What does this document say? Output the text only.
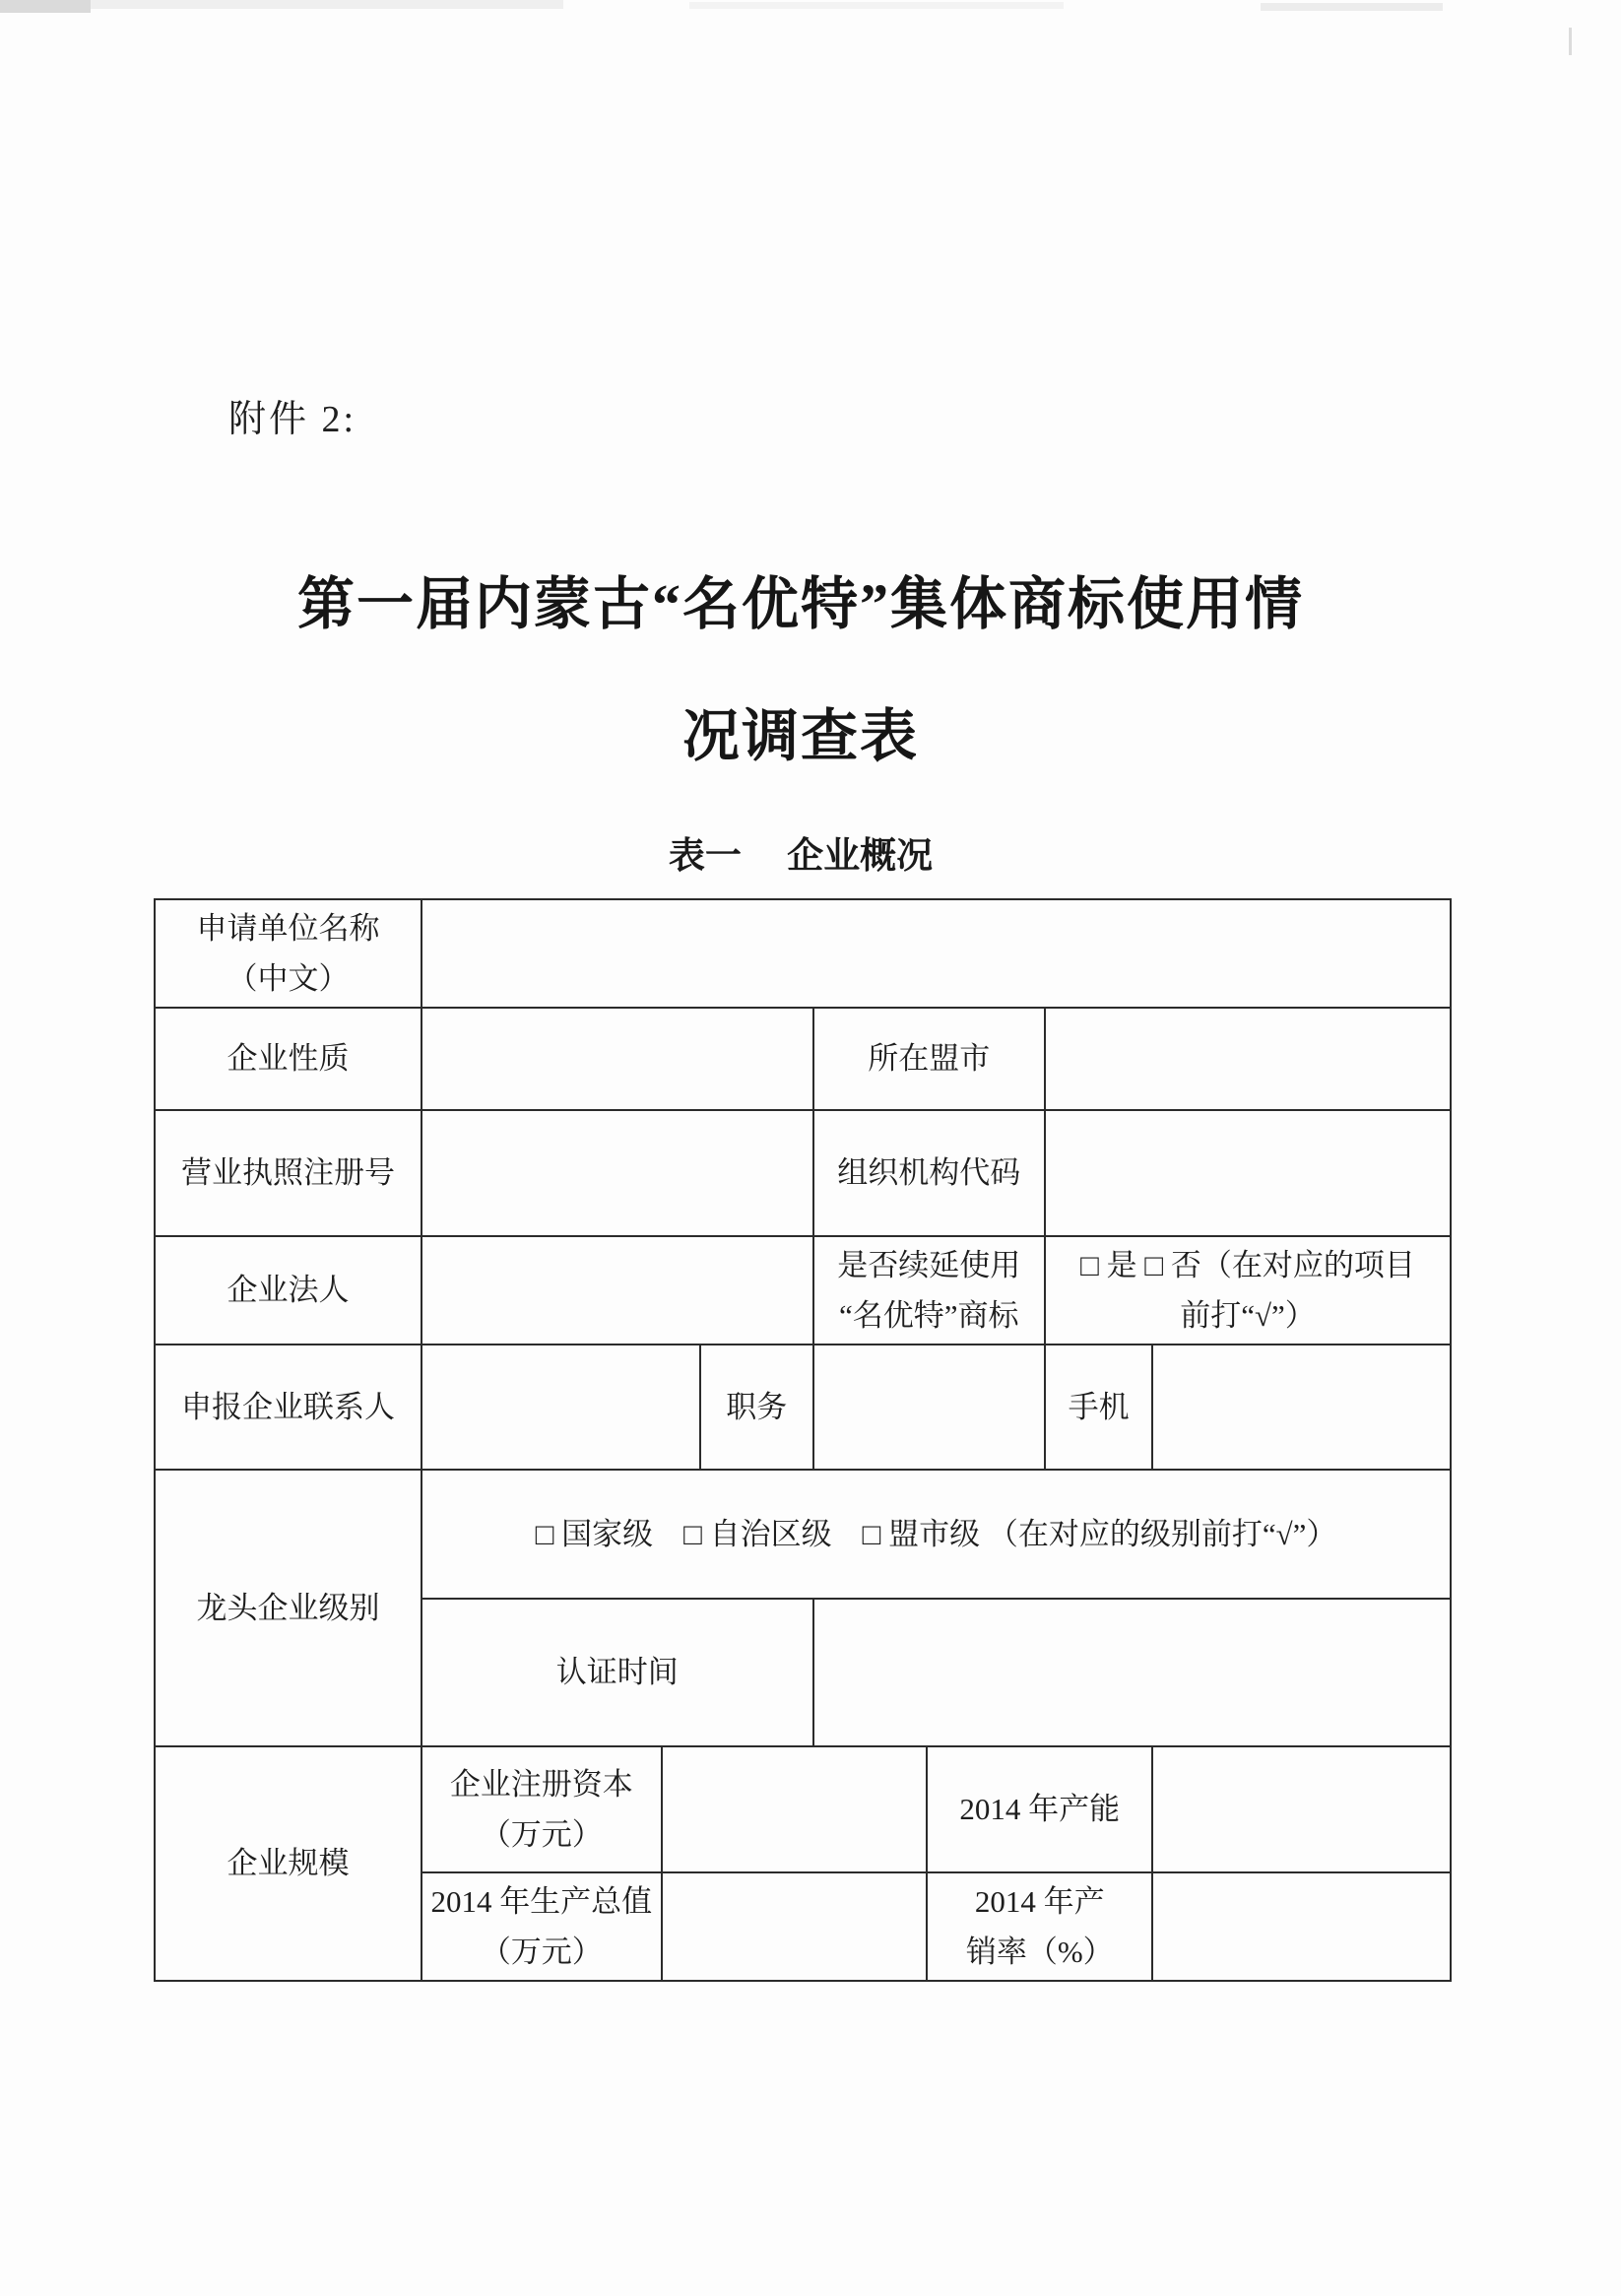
附件 2:
第一届内蒙古“名优特”集体商标使用情
况调查表
表一　 企业概况
申请单位名称
（中文）							

企业性质				所在盟市			
营业执照注册号				组织机构代码			
企业法人				是否续延使用
“名优特”商标		□ 是 □ 否（在对应的项目
前打“√”）	

申报企业联系人			职务			手机	
龙头企业级别	□ 国家级　□ 自治区级　□ 盟市级 （在对应的级别前打“√”）						
	认证时间						
企业规模	企业注册资本
（万元）				2014 年产能		

	2014 年生产总值
（万元）				2014 年产
销率（%）		
